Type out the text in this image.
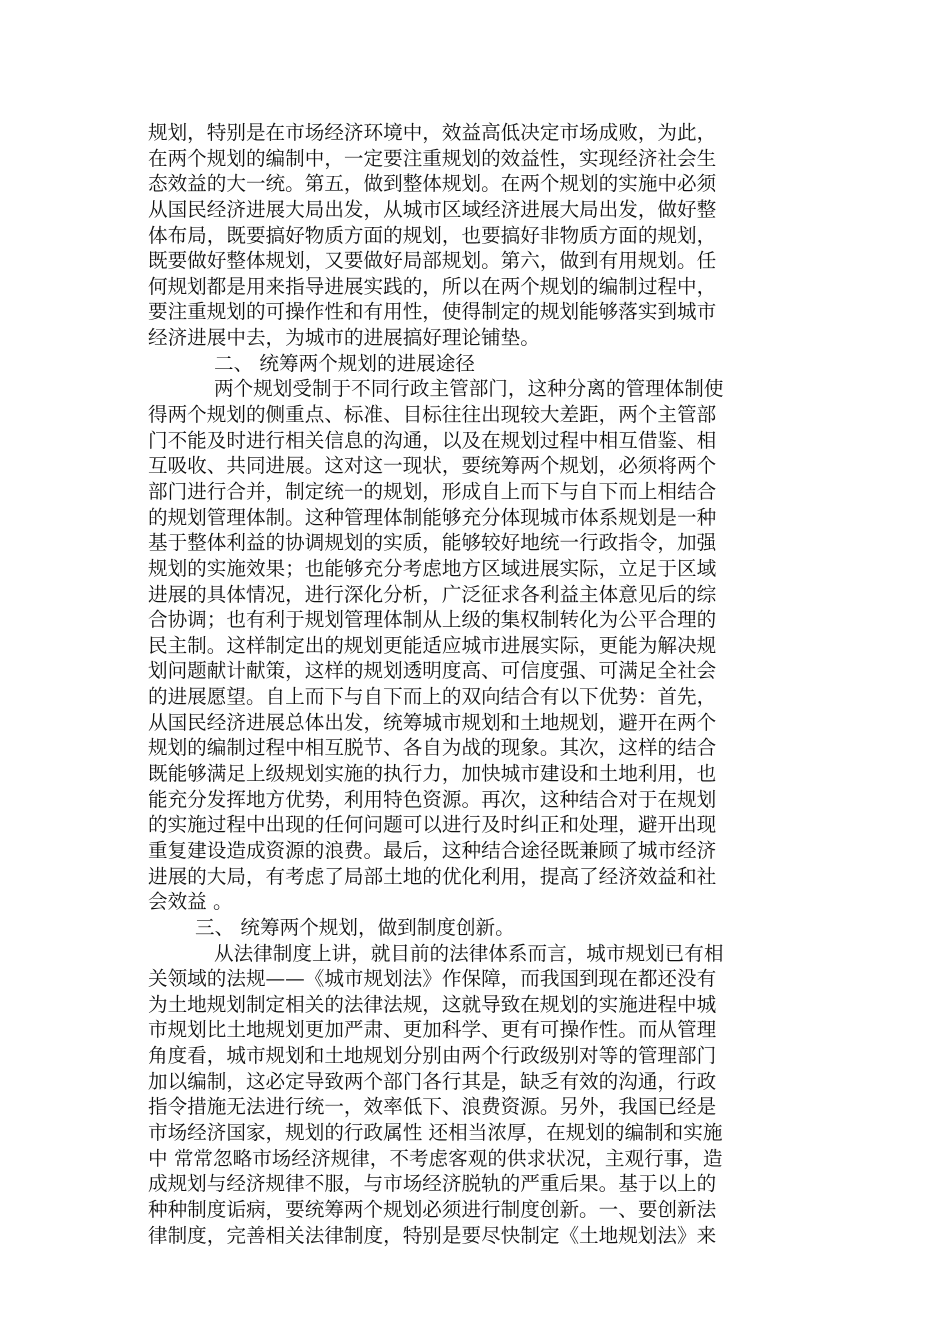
规划，特别是在市场经济环境中，效益高低决定市场成败，为此，
在两个规划的编制中，一定要注重规划的效益性，实现经济社会生
态效益的大一统。第五，做到整体规划。在两个规划的实施中必须
从国民经济进展大局出发，从城市区域经济进展大局出发，做好整
体布局，既要搞好物质方面的规划，也要搞好非物质方面的规划，
既要做好整体规划，又要做好局部规划。第六，做到有用规划。任
何规划都是用来指导进展实践的，所以在两个规划的编制过程中，
要注重规划的可操作性和有用性，使得制定的规划能够落实到城市
经济进展中去，为城市的进展搞好理论铺垫。
二、 统筹两个规划的进展途径
两个规划受制于不同行政主管部门，这种分离的管理体制使
得两个规划的侧重点、标准、目标往往出现较大差距，两个主管部
门不能及时进行相关信息的沟通，以及在规划过程中相互借鉴、相
互吸收、共同进展。这对这一现状，要统筹两个规划，必须将两个
部门进行合并，制定统一的规划，形成自上而下与自下而上相结合
的规划管理体制。这种管理体制能够充分体现城市体系规划是一种
基于整体利益的协调规划的实质，能够较好地统一行政指令，加强
规划的实施效果；也能够充分考虑地方区域进展实际，立足于区域
进展的具体情况，进行深化分析，广泛征求各利益主体意见后的综
合协调；也有利于规划管理体制从上级的集权制转化为公平合理的
民主制。这样制定出的规划更能适应城市进展实际，更能为解决规
划问题献计献策，这样的规划透明度高、可信度强、可满足全社会
的进展愿望。自上而下与自下而上的双向结合有以下优势：首先，
从国民经济进展总体出发，统筹城市规划和土地规划，避开在两个
规划的编制过程中相互脱节、各自为战的现象。其次，这样的结合
既能够满足上级规划实施的执行力，加快城市建设和土地利用，也
能充分发挥地方优势，利用特色资源。再次，这种结合对于在规划
的实施过程中出现的任何问题可以进行及时纠正和处理，避开出现
重复建设造成资源的浪费。最后，这种结合途径既兼顾了城市经济
进展的大局，有考虑了局部土地的优化利用，提高了经济效益和社
会效益 。
三、 统筹两个规划，做到制度创新。
从法律制度上讲，就目前的法律体系而言，城市规划已有相
关领域的法规——《城市规划法》作保障，而我国到现在都还没有
为土地规划制定相关的法律法规，这就导致在规划的实施进程中城
市规划比土地规划更加严肃、更加科学、更有可操作性。而从管理
角度看，城市规划和土地规划分别由两个行政级别对等的管理部门
加以编制，这必定导致两个部门各行其是，缺乏有效的沟通，行政
指令措施无法进行统一，效率低下、浪费资源。另外，我国已经是
市场经济国家，规划的行政属性 还相当浓厚，在规划的编制和实施
中 常常忽略市场经济规律，不考虑客观的供求状况，主观行事，造
成规划与经济规律不服，与市场经济脱轨的严重后果。基于以上的
种种制度诟病，要统筹两个规划必须进行制度创新。一、要创新法
律制度，完善相关法律制度，特别是要尽快制定《土地规划法》来
